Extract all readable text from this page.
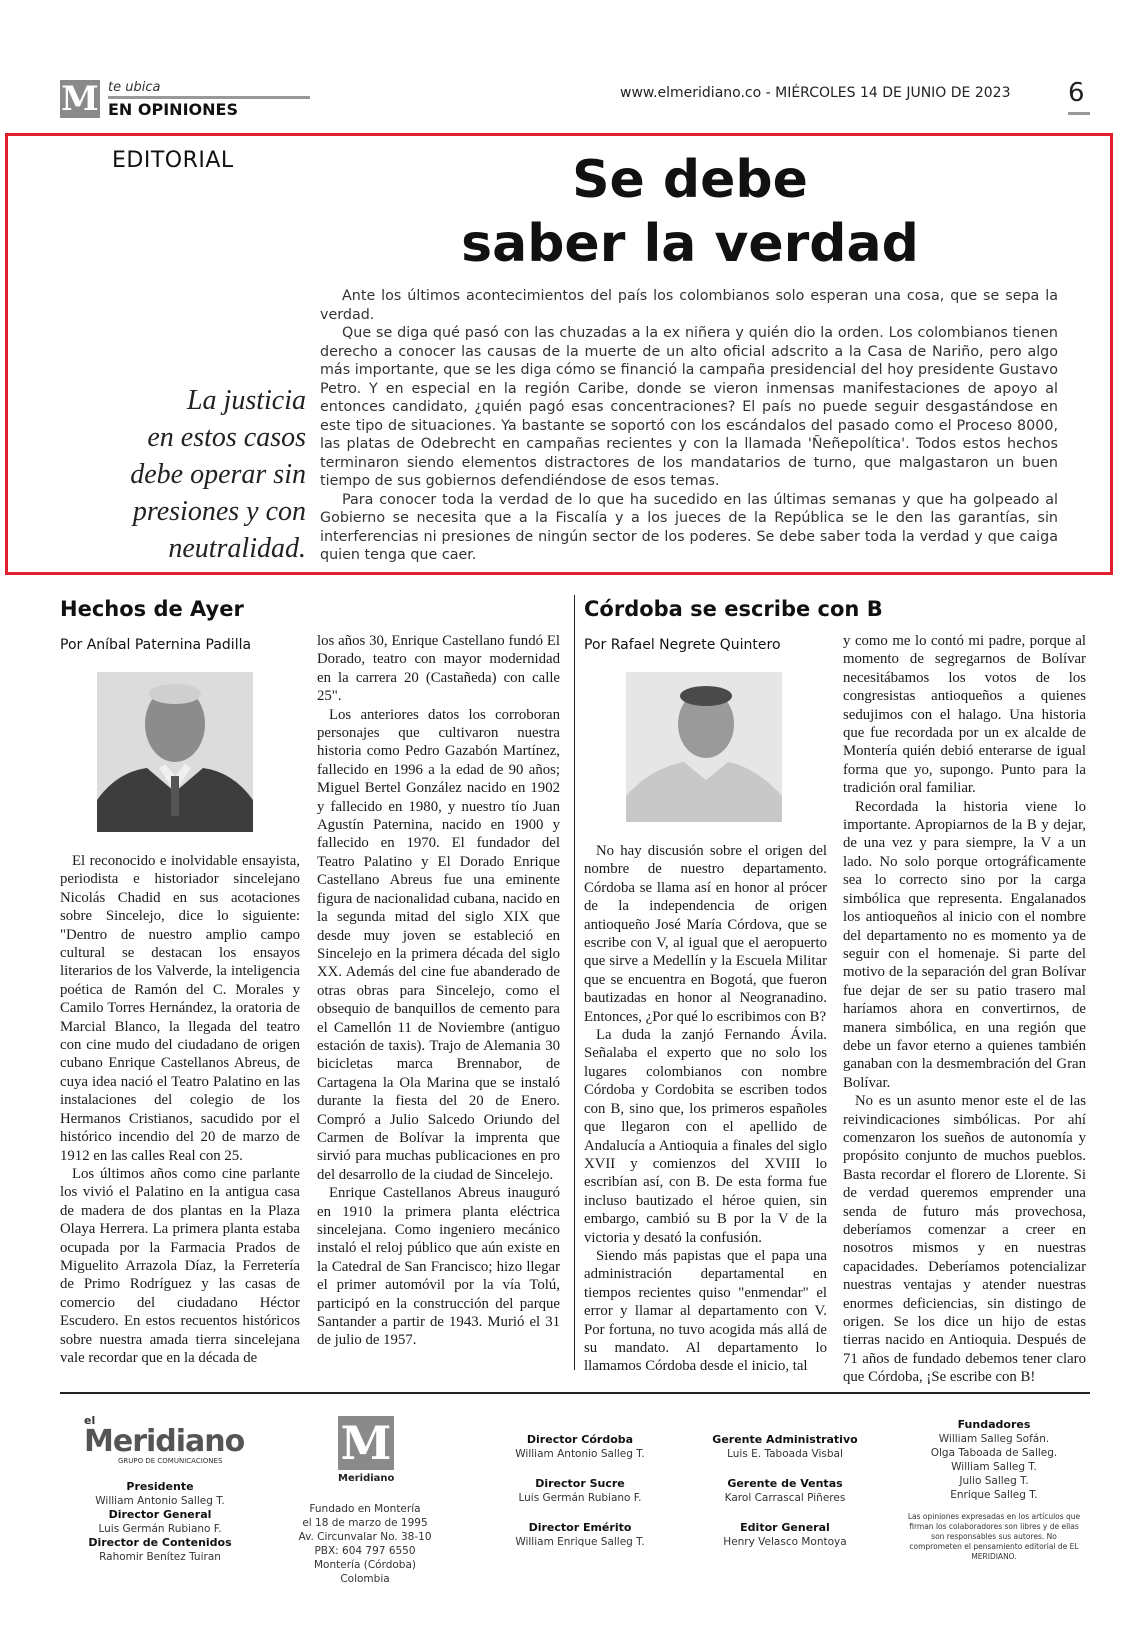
M te ubica
EN OPINIONES
www.elmeridiano.co - MIÉRCOLES 14 DE JUNIO DE 2023 6
EDITORIAL	Se debe
saber la verdad
La justicia
en estos casos
debe operar sin
presiones y con
neutralidad.

Ante los últimos acontecimientos del país los colombianos solo esperan una cosa, que se sepa la verdad.

Que se diga qué pasó con las chuzadas a la ex niñera y quién dio la orden. Los colombianos tienen derecho a conocer las causas de la muerte de un alto oficial adscrito a la Casa de Nariño, pero algo más importante, que se les diga cómo se financió la campaña presidencial del hoy presidente Gustavo Petro. Y en especial en la región Caribe, donde se vieron inmensas manifestaciones de apoyo al entonces candidato, ¿quién pagó esas concentraciones? El país no puede seguir desgastándose en este tipo de situaciones. Ya bastante se soportó con los escándalos del pasado como el Proceso 8000, las platas de Odebrecht en campañas recientes y con la llamada 'Ñeñepolítica'. Todos estos hechos terminaron siendo elementos distractores de los mandatarios de turno, que malgastaron un buen tiempo de sus gobiernos defendiéndose de esos temas.

Para conocer toda la verdad de lo que ha sucedido en las últimas semanas y que ha golpeado al Gobierno se necesita que a la Fiscalía y a los jueces de la República se le den las garantías, sin interferencias ni presiones de ningún sector de los poderes. Se debe saber toda la verdad y que caiga quien tenga que caer.

Hechos de Ayer
Por Aníbal Paternina Padilla

El reconocido e inolvidable ensayista, periodista e historiador sincelejano Nicolás Chadid en sus acotaciones sobre Sincelejo, dice lo siguiente: "Dentro de nuestro amplio campo cultural se destacan los ensayos literarios de los Valverde, la inteligencia poética de Ramón del C. Morales y Camilo Torres Hernández, la oratoria de Marcial Blanco, la llegada del teatro con cine mudo del ciudadano de origen cubano Enrique Castellanos Abreus, de cuya idea nació el Teatro Palatino en las instalaciones del colegio de los Hermanos Cristianos, sacudido por el histórico incendio del 20 de marzo de 1912 en las calles Real con 25.

Los últimos años como cine parlante los vivió el Palatino en la antigua casa de madera de dos plantas en la Plaza Olaya Herrera. La primera planta estaba ocupada por la Farmacia Prados de Miguelito Arrazola Díaz, la Ferretería de Primo Rodríguez y las casas de comercio del ciudadano Héctor Escudero. En estos recuentos históricos sobre nuestra amada tierra sincelejana vale recordar que en la década de

los años 30, Enrique Castellano fundó El Dorado, teatro con mayor modernidad en la carrera 20 (Castañeda) con calle 25".

Los anteriores datos los corroboran personajes que cultivaron nuestra historia como Pedro Gazabón Martínez, fallecido en 1996 a la edad de 90 años; Miguel Bertel González nacido en 1902 y fallecido en 1980, y nuestro tío Juan Agustín Paternina, nacido en 1900 y fallecido en 1970. El fundador del Teatro Palatino y El Dorado Enrique Castellano Abreus fue una eminente figura de nacionalidad cubana, nacido en la segunda mitad del siglo XIX que desde muy joven se estableció en Sincelejo en la primera década del siglo XX. Además del cine fue abanderado de otras obras para Sincelejo, como el obsequio de banquillos de cemento para el Camellón 11 de Noviembre (antiguo estación de taxis). Trajo de Alemania 30 bicicletas marca Brennabor, de Cartagena la Ola Marina que se instaló durante la fiesta del 20 de Enero. Compró a Julio Salcedo Oriundo del Carmen de Bolívar la imprenta que sirvió para muchas publicaciones en pro del desarrollo de la ciudad de Sincelejo.

Enrique Castellanos Abreus inauguró en 1910 la primera planta eléctrica sincelejana. Como ingeniero mecánico instaló el reloj público que aún existe en la Catedral de San Francisco; hizo llegar el primer automóvil por la vía Tolú, participó en la construcción del parque Santander a partir de 1943. Murió el 31 de julio de 1957.

Córdoba se escribe con B
Por Rafael Negrete Quintero

No hay discusión sobre el origen del nombre de nuestro departamento. Córdoba se llama así en honor al prócer de la independencia de origen antioqueño José María Córdova, que se escribe con V, al igual que el aeropuerto que sirve a Medellín y la Escuela Militar que se encuentra en Bogotá, que fueron bautizadas en honor al Neogranadino. Entonces, ¿Por qué lo escribimos con B?

La duda la zanjó Fernando Ávila. Señalaba el experto que no solo los lugares colombianos con nombre Córdoba y Cordobita se escriben todos con B, sino que, los primeros españoles que llegaron con el apellido de Andalucía a Antioquia a finales del siglo XVII y comienzos del XVIII lo escribían así, con B. De esta forma fue incluso bautizado el héroe quien, sin embargo, cambió su B por la V de la victoria y desató la confusión.

Siendo más papistas que el papa una administración departamental en tiempos recientes quiso "enmendar" el error y llamar al departamento con V. Por fortuna, no tuvo acogida más allá de su mandato. Al departamento lo llamamos Córdoba desde el inicio, tal

y como me lo contó mi padre, porque al momento de segregarnos de Bolívar necesitábamos los votos de los congresistas antioqueños a quienes sedujimos con el halago. Una historia que fue recordada por un ex alcalde de Montería quién debió enterarse de igual forma que yo, supongo. Punto para la tradición oral familiar.

Recordada la historia viene lo importante. Apropiarnos de la B y dejar, de una vez y para siempre, la V a un lado. No solo porque ortográficamente sea lo correcto sino por la carga simbólica que representa. Engalanados los antioqueños al inicio con el nombre del departamento no es momento ya de seguir con el homenaje. Si parte del motivo de la separación del gran Bolívar fue dejar de ser su patio trasero mal haríamos ahora en convertirnos, de manera simbólica, en una región que debe un favor eterno a quienes también ganaban con la desmembración del Gran Bolívar.

No es un asunto menor este el de las reivindicaciones simbólicas. Por ahí comenzaron los sueños de autonomía y propósito conjunto de muchos pueblos. Basta recordar el florero de Llorente. Si de verdad queremos emprender una senda de futuro más provechosa, deberíamos comenzar a creer en nosotros mismos y en nuestras capacidades. Deberíamos potencializar nuestras ventajas y atender nuestras enormes deficiencias, sin distingo de origen. Se los dice un hijo de estas tierras nacido en Antioquia. Después de 71 años de fundado debemos tener claro que Córdoba, ¡Se escribe con B!

el
Meridiano
GRUPO DE COMUNICACIONES
Presidente
William Antonio Salleg T.
Director General
Luis Germán Rubiano F.
Director de Contenidos
Rahomir Benítez Tuiran
M
Meridiano
Fundado en Montería
el 18 de marzo de 1995
Av. Circunvalar No. 38-10
PBX: 604 797 6550
Montería (Córdoba) Colombia
Director Córdoba
William Antonio Salleg T.
Director Sucre
Luis Germán Rubiano F.
Director Emérito
William Enrique Salleg T.
Gerente Administrativo
Luis E. Taboada Visbal
Gerente de Ventas
Karol Carrascal Piñeres
Editor General
Henry Velasco Montoya
Fundadores
William Salleg Sofán.
Olga Taboada de Salleg.
William Salleg T.
Julio Salleg T.
Enrique Salleg T.
Las opiniones expresadas en los artículos que firman los colaboradores son libres y de ellas son responsables sus autores. No comprometen el pensamiento editorial de EL MERIDIANO.
